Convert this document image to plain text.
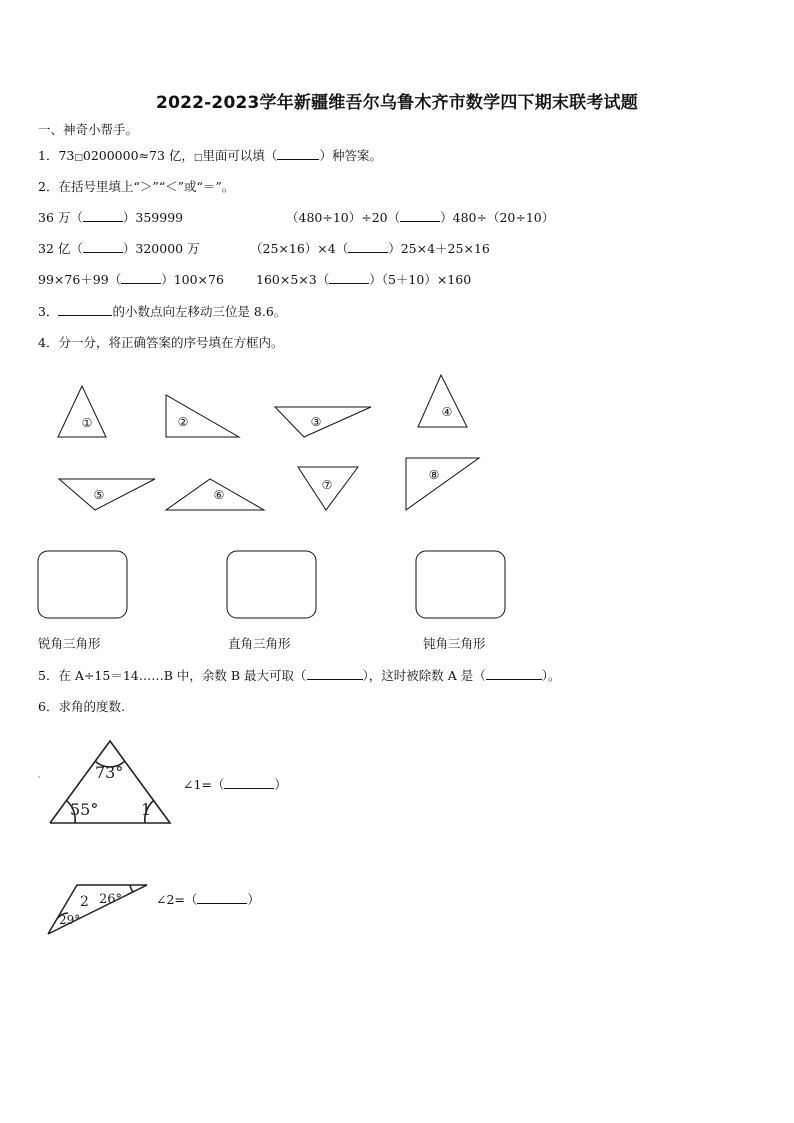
2022-2023学年新疆维吾尔乌鲁木齐市数学四下期末联考试题
一、神奇小帮手。
1．73□0200000≈73 亿，□里面可以填（	）种答案。
2．在括号里填上“＞”“＜”或“＝”。
36 万（	）359999	（480÷10）÷20（	）480÷（20÷10）
32 亿（	）320000 万	（25×16）×4（	）25×4＋25×16
99×76＋99（	）100×76	160×5×3（	）（5＋10）×160
3．	的小数点向左移动三位是 8.6。
4．分一分，将正确答案的序号填在方框内。
①	②	③
④
⑤	⑥
⑦
⑧
锐角三角形	直角三角形	钝角三角形
5．在 A÷15＝14……B 中，余数 B 最大可取（	），这时被除数 A 是（	）。
6．求角的度数.
73°
55°	1
∠1=（	）
2 26°
29°
∠2=（	）
